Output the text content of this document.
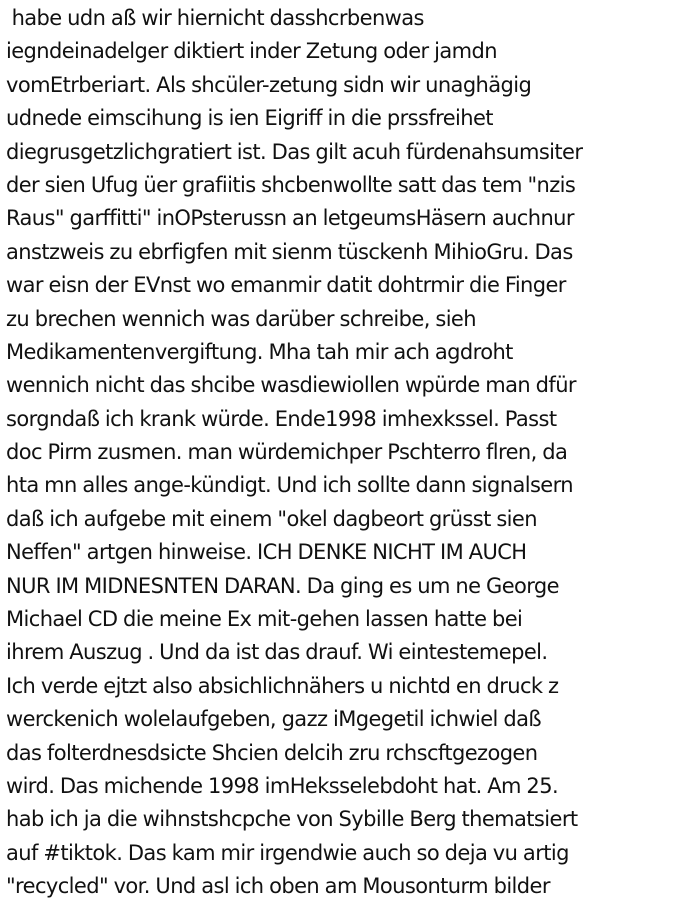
habe udn aß wir hiernicht dasshcrbenwas
iegndeinadelger diktiert inder Zetung oder jamdn
vomEtrberiart. Als shcüler-zetung sidn wir unaghägig
udnede eimscihung is ien Eigriff in die prssfreihet
diegrusgetzlichgratiert ist. Das gilt acuh fürdenahsumsiter
der sien Ufug üer grafiitis shcbenwollte satt das tem "nzis
Raus" garffitti" inOPsterussn an letgeumsHäsern auchnur
anstzweis zu ebrfigfen mit sienm tüsckenh MihioGru. Das
war eisn der EVnst wo emanmir datit dohtrmir die Finger
zu brechen wennich was darüber schreibe, sieh
Medikamentenvergiftung. Mha tah mir ach agdroht
wennich nicht das shcibe wasdiewiollen wpürde man dfür
sorgndaß ich krank würde. Ende1998 imhexkssel. Passt
doc Pirm zusmen. man würdemichper Pschterro flren, da
hta mn alles ange-kündigt. Und ich sollte dann signalsern
daß ich aufgebe mit einem "okel dagbeort grüsst sien
Neffen" artgen hinweise. ICH DENKE NICHT IM AUCH
NUR IM MIDNESNTEN DARAN. Da ging es um ne George
Michael CD die meine Ex mit-gehen lassen hatte bei
ihrem Auszug . Und da ist das drauf. Wi eintestemepel.
Ich verde ejtzt also absichlichnähers u nichtd en druck z
werckenich wolelaufgeben, gazz iMgegetil ichwiel daß
das folterdnesdsicte Shcien delcih zru rchscftgezogen
wird. Das michende 1998 imHeksselebdoht hat. Am 25.
hab ich ja die wihnstshcpche von Sybille Berg thematsiert
auf #tiktok. Das kam mir irgendwie auch so deja vu artig
"recycled" vor. Und asl ich oben am Mousonturm bilder
